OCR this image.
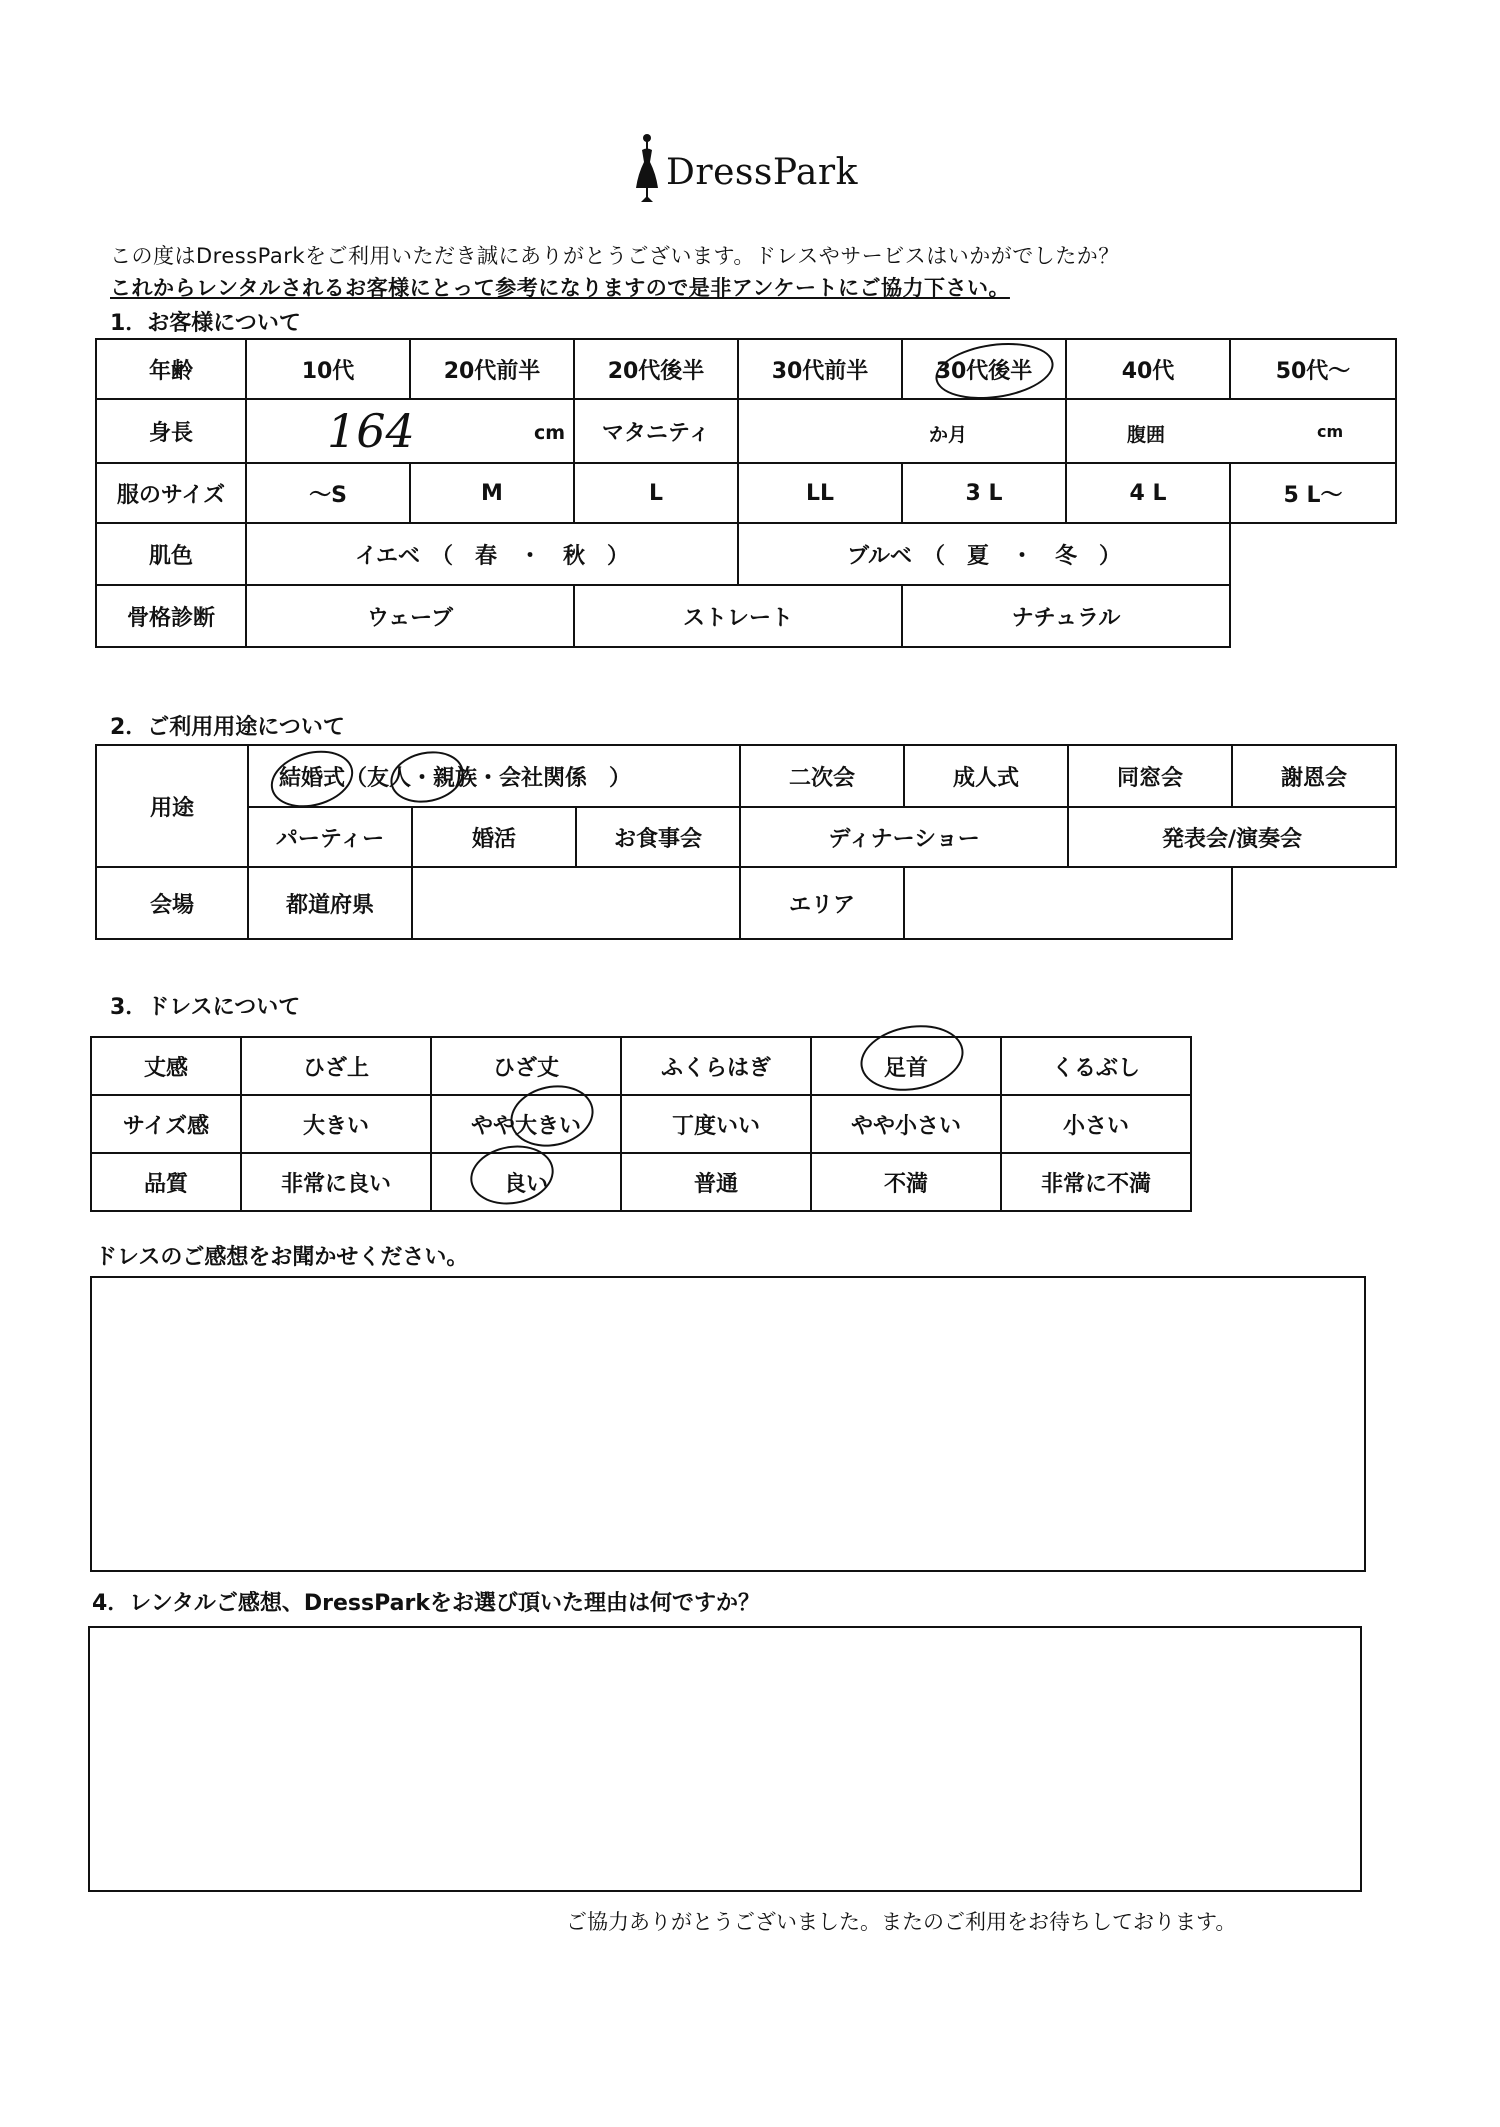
DressPark
この度はDressParkをご利用いただき誠にありがとうございます。ドレスやサービスはいかがでしたか？
これからレンタルされるお客様にとって参考になりますので是非アンケートにご協力下さい。
1．お客様について
年齢	10代	20代前半	20代後半	30代前半	30代後半	40代	50代～
身長	164 cm		マタニティ	か月		腹囲 cm	

服のサイズ	～S	M	L	LL	3 L	4 L	5 L～
肌色	イエベ　（　春　・　秋　）			ブルベ　（　夏　・　冬　）			
骨格診断	ウェーブ		ストレート		ナチュラル		
2．ご利用用途について
用途	結婚式（友人・親族・会社関係　）			二次会	成人式	同窓会	謝恩会
	パーティー	婚活	お食事会	ディナーショー		発表会/演奏会	
会場	都道府県			エリア			
3．ドレスについて
丈感	ひざ上	ひざ丈	ふくらはぎ	足首	くるぶし
サイズ感	大きい	やや大きい	丁度いい	やや小さい	小さい
品質	非常に良い	良い	普通	不満	非常に不満
ドレスのご感想をお聞かせください。
4．レンタルご感想、DressParkをお選び頂いた理由は何ですか？
ご協力ありがとうございました。またのご利用をお待ちしております。
